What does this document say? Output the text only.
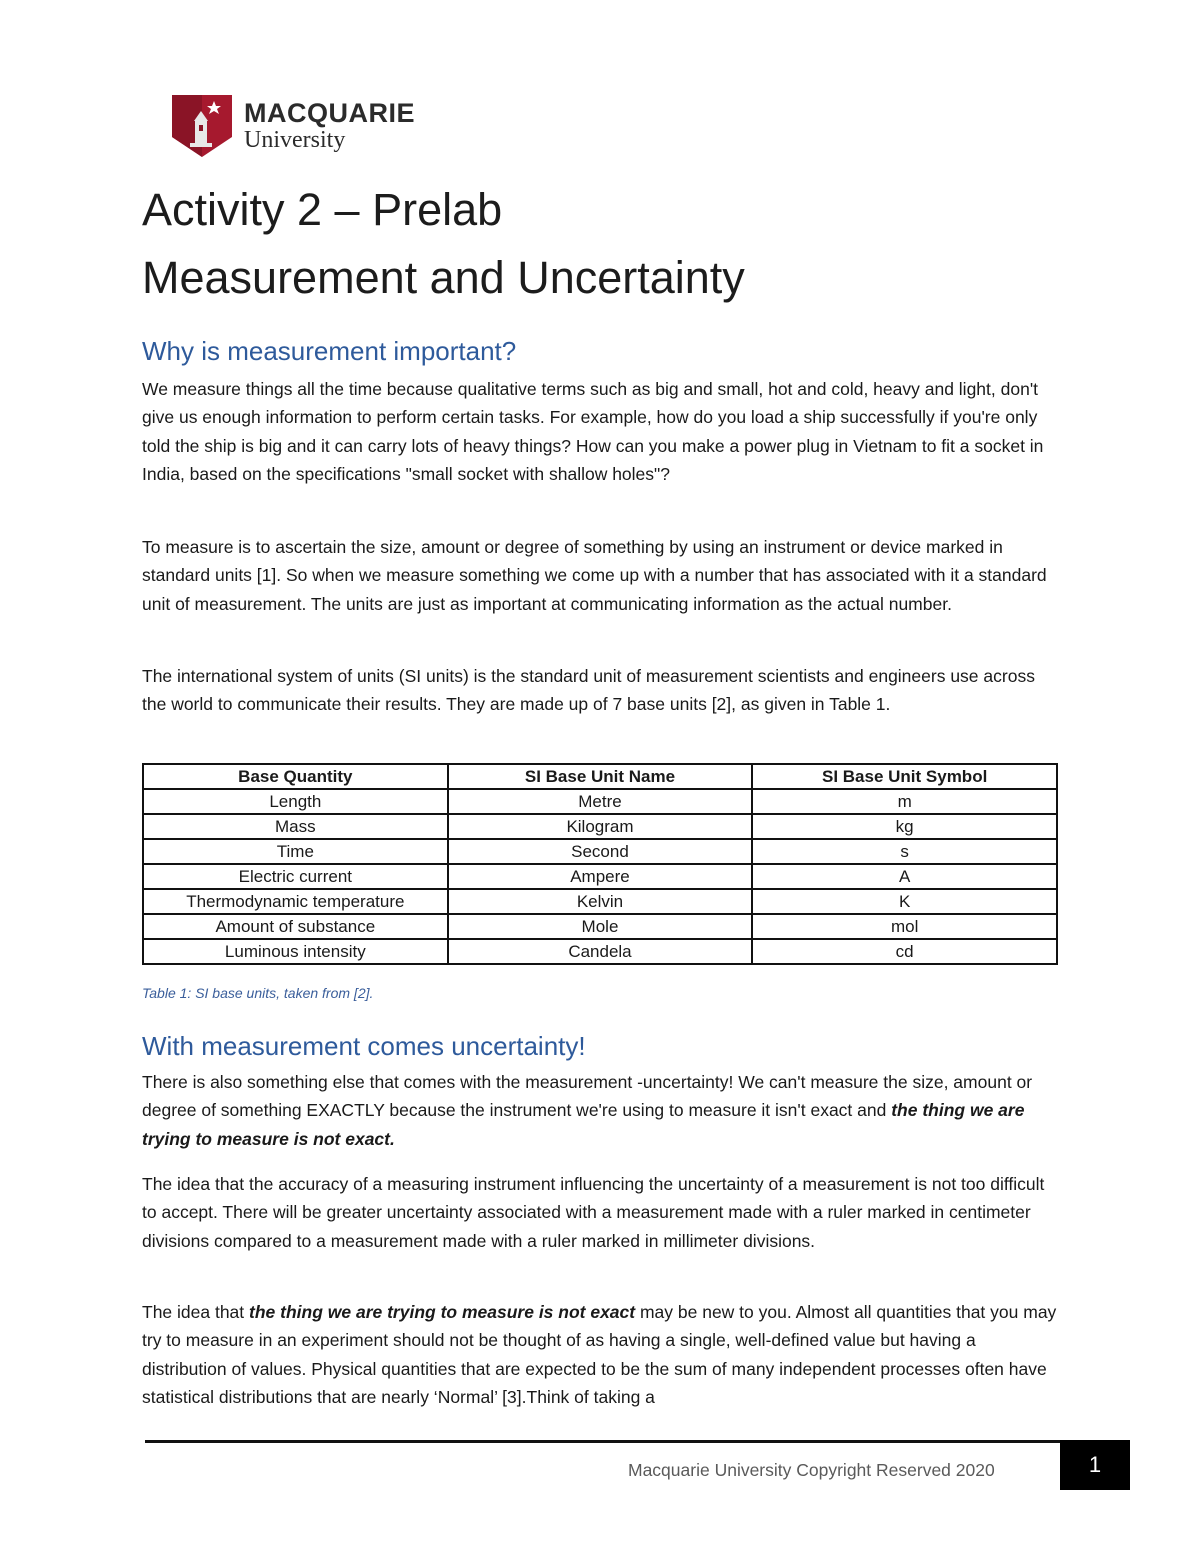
MACQUARIE
University
Activity 2 – Prelab
Measurement and Uncertainty
Why is measurement important?

We measure things all the time because qualitative terms such as big and small, hot and cold, heavy and light, don't give us enough information to perform certain tasks. For example, how do you load a ship successfully if you're only told the ship is big and it can carry lots of heavy things? How can you make a power plug in Vietnam to fit a socket in India, based on the specifications "small socket with shallow holes"?

To measure is to ascertain the size, amount or degree of something by using an instrument or device marked in standard units [1]. So when we measure something we come up with a number that has associated with it a standard unit of measurement. The units are just as important at communicating information as the actual number.

The international system of units (SI units) is the standard unit of measurement scientists and engineers use across the world to communicate their results. They are made up of 7 base units [2], as given in Table 1.

Base Quantity	SI Base Unit Name	SI Base Unit Symbol
Length	Metre	m
Mass	Kilogram	kg
Time	Second	s
Electric current	Ampere	A
Thermodynamic temperature	Kelvin	K
Amount of substance	Mole	mol
Luminous intensity	Candela	cd
Table 1: SI base units, taken from [2].
With measurement comes uncertainty!

There is also something else that comes with the measurement -uncertainty! We can't measure the size, amount or degree of something EXACTLY because the instrument we're using to measure it isn't exact and the thing we are trying to measure is not exact.

The idea that the accuracy of a measuring instrument influencing the uncertainty of a measurement is not too difficult to accept. There will be greater uncertainty associated with a measurement made with a ruler marked in centimeter divisions compared to a measurement made with a ruler marked in millimeter divisions.

The idea that the thing we are trying to measure is not exact may be new to you. Almost all quantities that you may try to measure in an experiment should not be thought of as having a single, well-defined value but having a distribution of values. Physical quantities that are expected to be the sum of many independent processes often have statistical distributions that are nearly ‘Normal’ [3].Think of taking a

Macquarie University Copyright Reserved 2020	1
